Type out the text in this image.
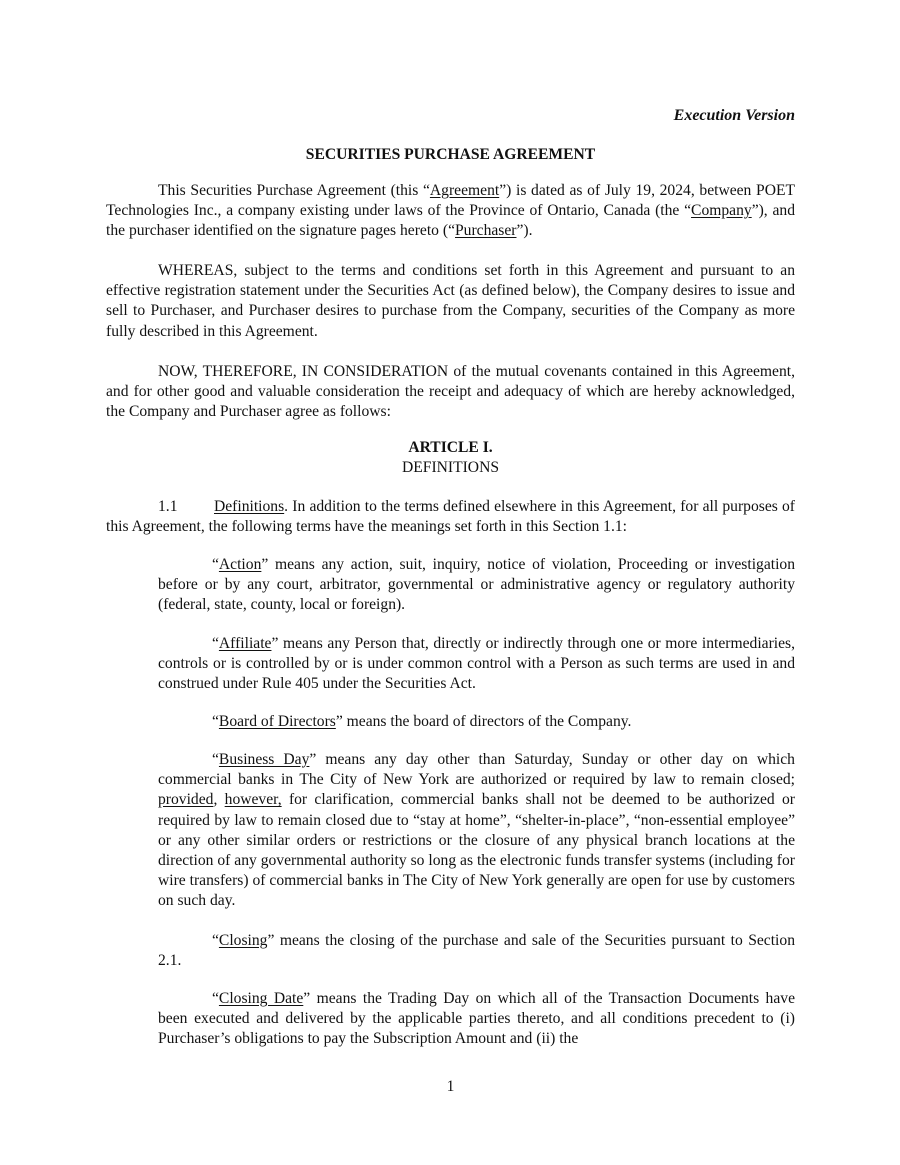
Execution Version
SECURITIES PURCHASE AGREEMENT

This Securities Purchase Agreement (this “Agreement”) is dated as of July 19, 2024, between POET Technologies Inc., a company existing under laws of the Province of Ontario, Canada (the “Company”), and the purchaser identified on the signature pages hereto (“Purchaser”).

WHEREAS, subject to the terms and conditions set forth in this Agreement and pursuant to an effective registration statement under the Securities Act (as defined below), the Company desires to issue and sell to Purchaser, and Purchaser desires to purchase from the Company, securities of the Company as more fully described in this Agreement.

NOW, THEREFORE, IN CONSIDERATION of the mutual covenants contained in this Agreement, and for other good and valuable consideration the receipt and adequacy of which are hereby acknowledged, the Company and Purchaser agree as follows:

ARTICLE I.
DEFINITIONS

1.1 Definitions. In addition to the terms defined elsewhere in this Agreement, for all purposes of this Agreement, the following terms have the meanings set forth in this Section 1.1:

“Action” means any action, suit, inquiry, notice of violation, Proceeding or investigation before or by any court, arbitrator, governmental or administrative agency or regulatory authority (federal, state, county, local or foreign).

“Affiliate” means any Person that, directly or indirectly through one or more intermediaries, controls or is controlled by or is under common control with a Person as such terms are used in and construed under Rule 405 under the Securities Act.

“Board of Directors” means the board of directors of the Company.

“Business Day” means any day other than Saturday, Sunday or other day on which commercial banks in The City of New York are authorized or required by law to remain closed; provided, however, for clarification, commercial banks shall not be deemed to be authorized or required by law to remain closed due to “stay at home”, “shelter-in-place”, “non-essential employee” or any other similar orders or restrictions or the closure of any physical branch locations at the direction of any governmental authority so long as the electronic funds transfer systems (including for wire transfers) of commercial banks in The City of New York generally are open for use by customers on such day.

“Closing” means the closing of the purchase and sale of the Securities pursuant to Section 2.1.

“Closing Date” means the Trading Day on which all of the Transaction Documents have been executed and delivered by the applicable parties thereto, and all conditions precedent to (i) Purchaser’s obligations to pay the Subscription Amount and (ii) the

1
